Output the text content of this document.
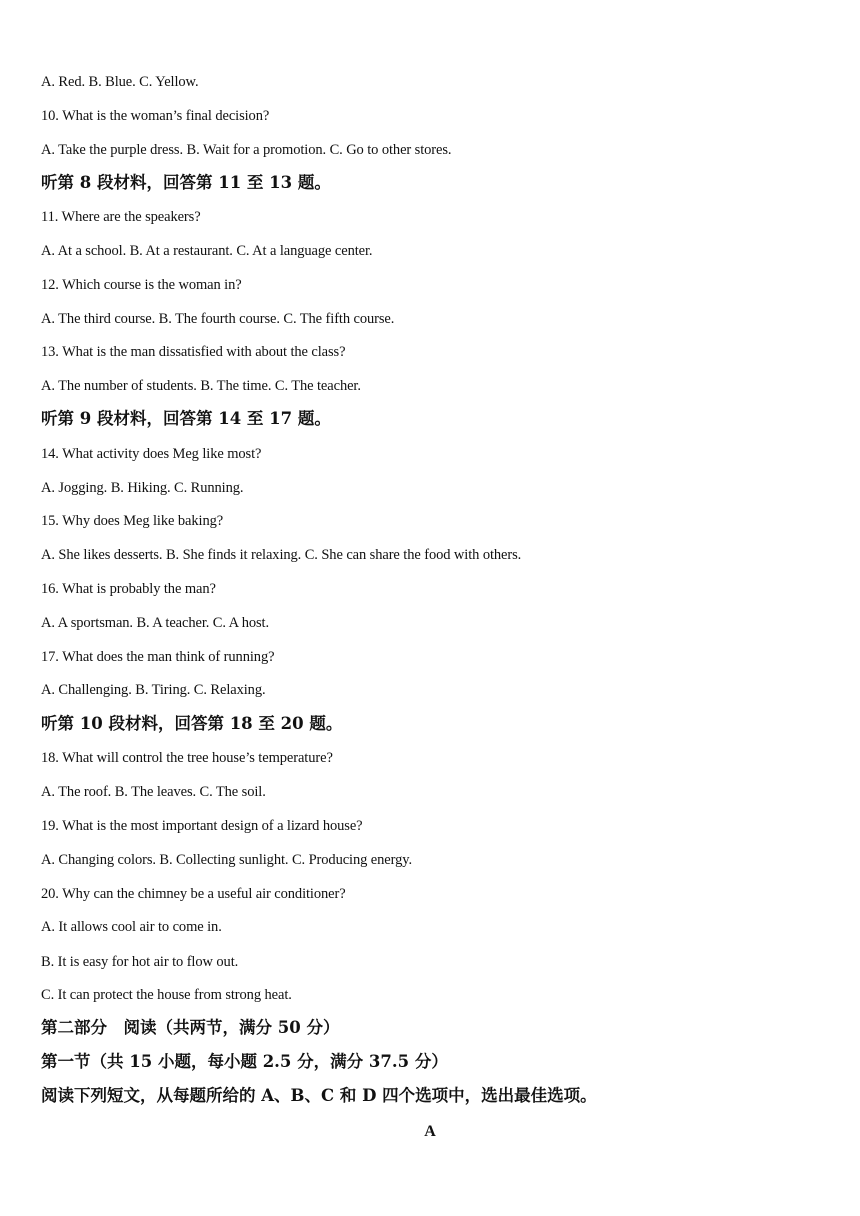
A. Red. B. Blue. C. Yellow.
10. What is the woman’s final decision?
A. Take the purple dress. B. Wait for a promotion. C. Go to other stores.
听第 8 段材料，回答第 11 至 13 题。
11. Where are the speakers?
A. At a school. B. At a restaurant. C. At a language center.
12. Which course is the woman in?
A. The third course. B. The fourth course. C. The fifth course.
13. What is the man dissatisfied with about the class?
A. The number of students. B. The time. C. The teacher.
听第 9 段材料，回答第 14 至 17 题。
14. What activity does Meg like most?
A. Jogging. B. Hiking. C. Running.
15. Why does Meg like baking?
A. She likes desserts. B. She finds it relaxing. C. She can share the food with others.
16. What is probably the man?
A. A sportsman. B. A teacher. C. A host.
17. What does the man think of running?
A. Challenging. B. Tiring. C. Relaxing.
听第 10 段材料，回答第 18 至 20 题。
18. What will control the tree house’s temperature?
A. The roof. B. The leaves. C. The soil.
19. What is the most important design of a lizard house?
A. Changing colors. B. Collecting sunlight. C. Producing energy.
20. Why can the chimney be a useful air conditioner?
A. It allows cool air to come in.
B. It is easy for hot air to flow out.
C. It can protect the house from strong heat.
第二部分　阅读（共两节，满分 50 分）
第一节（共 15 小题，每小题 2.5 分，满分 37.5 分）
阅读下列短文，从每题所给的 A、B、C 和 D 四个选项中，选出最佳选项。
A
